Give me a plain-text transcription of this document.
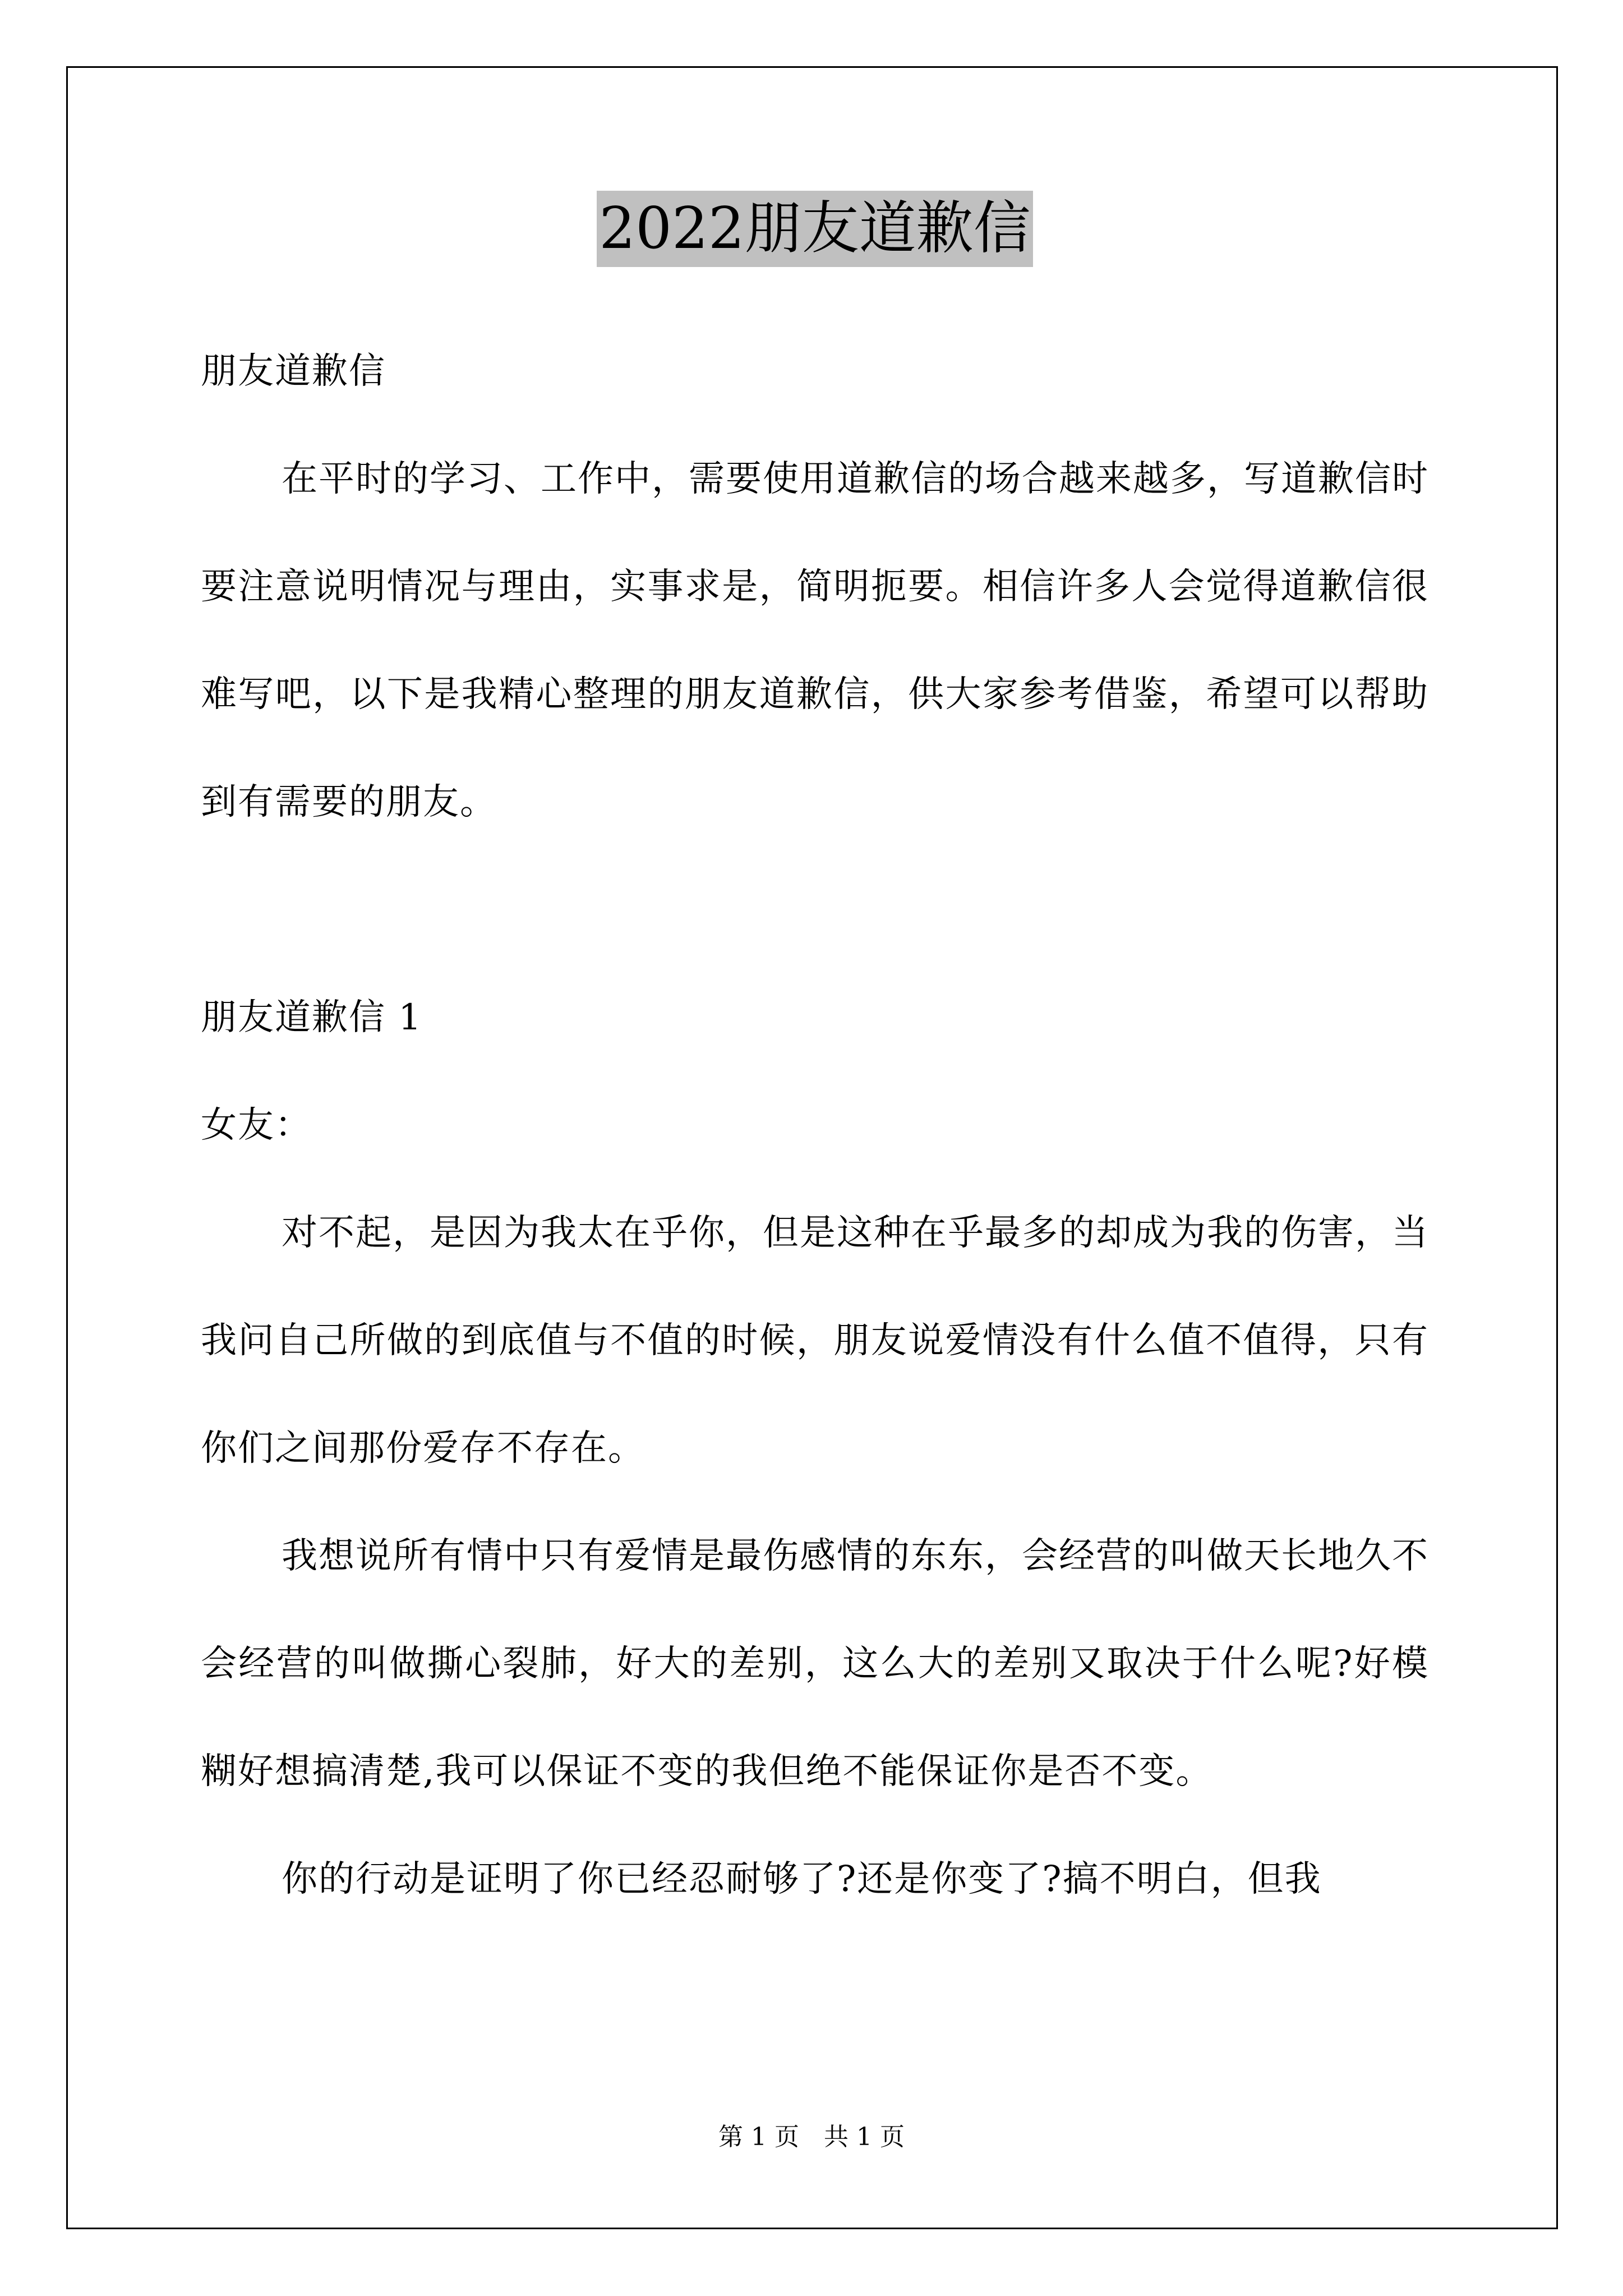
2022朋友道歉信

朋友道歉信

在平时的学习、工作中，需要使用道歉信的场合越来越多，写道歉信时要注意说明情况与理由，实事求是，简明扼要。相信许多人会觉得道歉信很难写吧，以下是我精心整理的朋友道歉信，供大家参考借鉴，希望可以帮助到有需要的朋友。

朋友道歉信 1

女友：

对不起，是因为我太在乎你，但是这种在乎最多的却成为我的伤害，当我问自己所做的到底值与不值的时候，朋友说爱情没有什么值不值得，只有你们之间那份爱存不存在。

我想说所有情中只有爱情是最伤感情的东东，会经营的叫做天长地久不会经营的叫做撕心裂肺，好大的差别，这么大的差别又取决于什么呢?好模糊好想搞清楚,我可以保证不变的我但绝不能保证你是否不变。

你的行动是证明了你已经忍耐够了?还是你变了?搞不明白，但我

第 1 页　共 1 页
